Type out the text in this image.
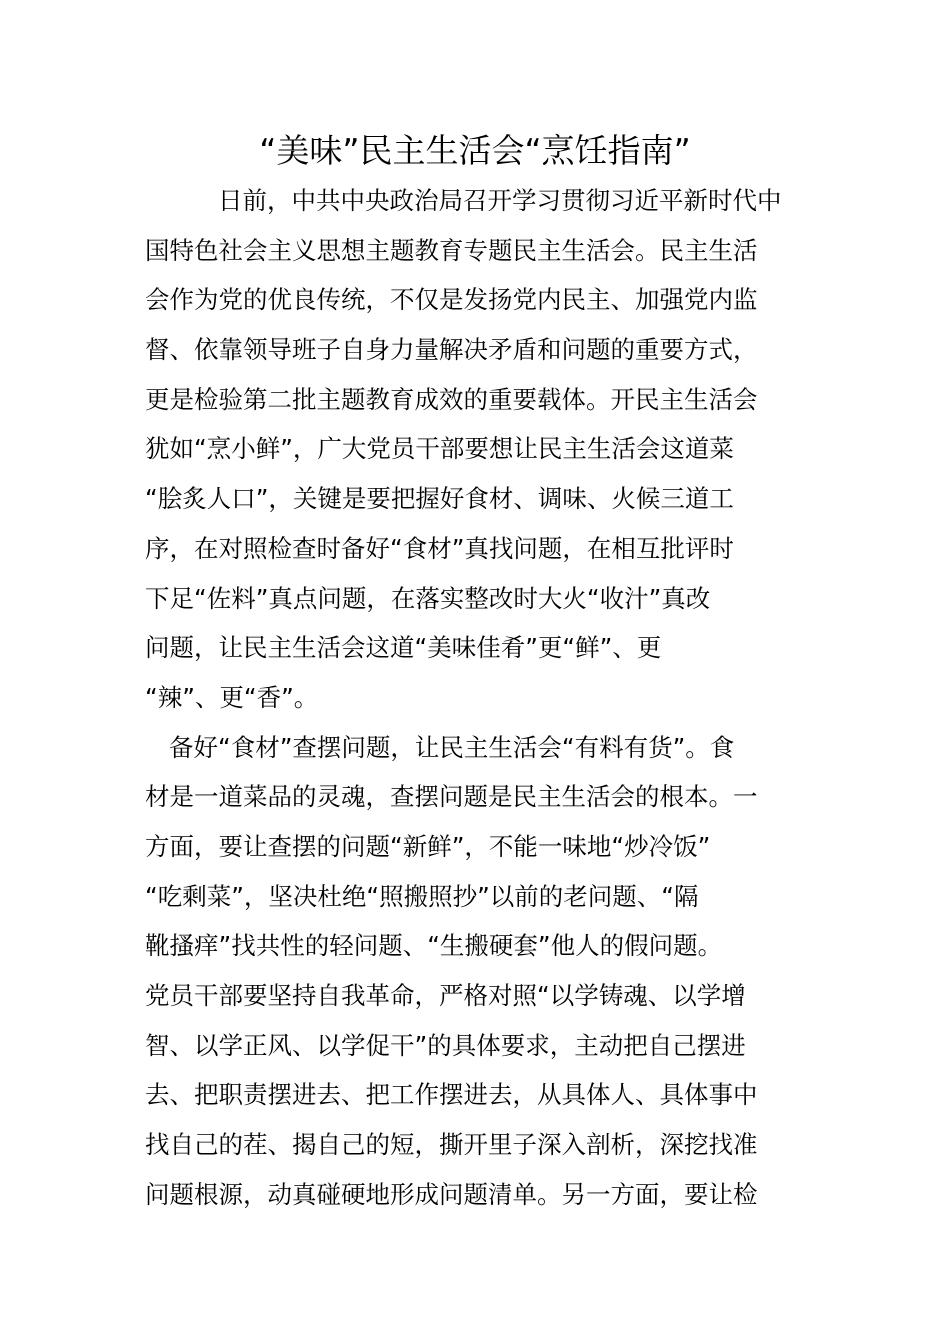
“美味”民主生活会“烹饪指南”
日前，中共中央政治局召开学习贯彻习近平新时代中
国特色社会主义思想主题教育专题民主生活会。民主生活
会作为党的优良传统，不仅是发扬党内民主、加强党内监
督、依靠领导班子自身力量解决矛盾和问题的重要方式，
更是检验第二批主题教育成效的重要载体。开民主生活会
犹如“烹小鲜”，广大党员干部要想让民主生活会这道菜
“脍炙人口”，关键是要把握好食材、调味、火候三道工
序，在对照检查时备好“食材”真找问题，在相互批评时
下足“佐料”真点问题，在落实整改时大火“收汁”真改
问题，让民主生活会这道“美味佳肴”更“鲜”、更
“辣”、更“香”。
备好“食材”查摆问题，让民主生活会“有料有货”。食
材是一道菜品的灵魂，查摆问题是民主生活会的根本。一
方面，要让查摆的问题“新鲜”，不能一味地“炒冷饭”
“吃剩菜”，坚决杜绝“照搬照抄”以前的老问题、“隔
靴搔痒”找共性的轻问题、“生搬硬套”他人的假问题。
党员干部要坚持自我革命，严格对照“以学铸魂、以学增
智、以学正风、以学促干”的具体要求，主动把自己摆进
去、把职责摆进去、把工作摆进去，从具体人、具体事中
找自己的茬、揭自己的短，撕开里子深入剖析，深挖找准
问题根源，动真碰硬地形成问题清单。另一方面，要让检
